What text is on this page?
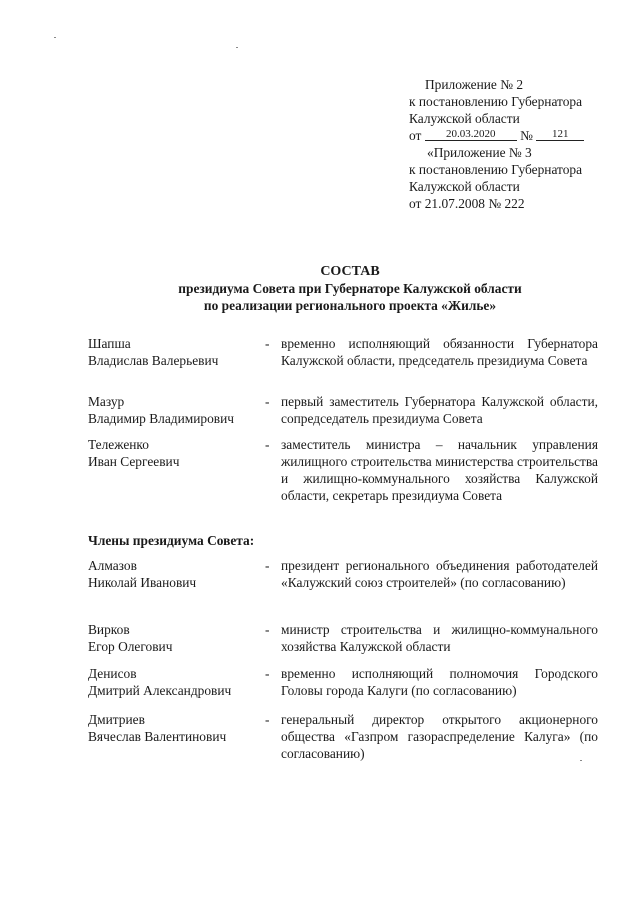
Приложение № 2
к постановлению Губернатора
Калужской области
от 20.03.2020 № 121
«Приложение № 3
к постановлению Губернатора
Калужской области
от 21.07.2008 № 222
СОСТАВ
президиума Совета при Губернаторе Калужской области
по реализации регионального проекта «Жилье»
Шапша
Владислав Валерьевич
- временно исполняющий обязанности Губернатора Калужской области, председатель президиума Совета
Мазур
Владимир Владимирович
- первый заместитель Губернатора Калужской области, сопредседатель президиума Совета
Тележенко
Иван Сергеевич
- заместитель министра – начальник управления жилищного строительства министерства строительства и жилищно-коммунального хозяйства Калужской области, секретарь президиума Совета
Члены президиума Совета:
Алмазов
Николай Иванович
- президент регионального объединения работодателей «Калужский союз строителей» (по согласованию)
Вирков
Егор Олегович
- министр строительства и жилищно-коммунального хозяйства Калужской области
Денисов
Дмитрий Александрович
- временно исполняющий полномочия Городского Головы города Калуги (по согласованию)
Дмитриев
Вячеслав Валентинович
- генеральный директор открытого акционерного общества «Газпром газораспределение Калуга» (по согласованию)
